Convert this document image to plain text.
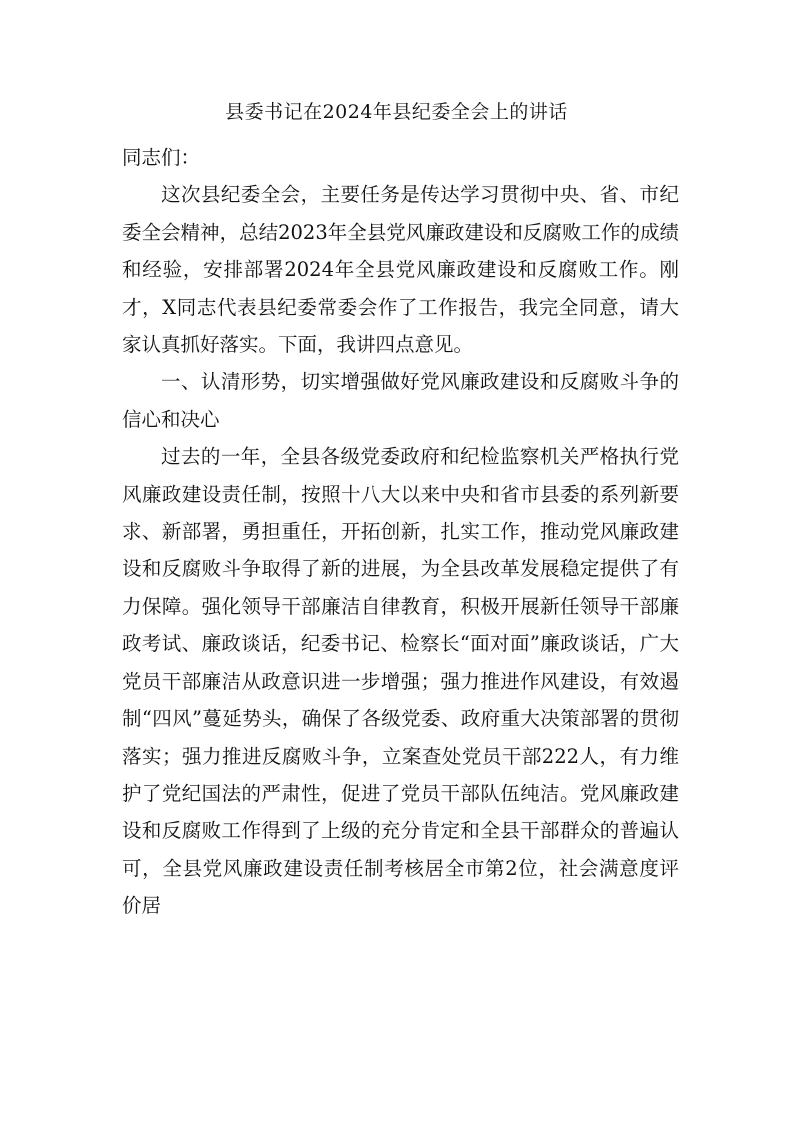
县委书记在2024年县纪委全会上的讲话

同志们：

这次县纪委全会，主要任务是传达学习贯彻中央、省、市纪委全会精神，总结2023年全县党风廉政建设和反腐败工作的成绩和经验，安排部署2024年全县党风廉政建设和反腐败工作。刚才，X同志代表县纪委常委会作了工作报告，我完全同意，请大家认真抓好落实。下面，我讲四点意见。

一、认清形势，切实增强做好党风廉政建设和反腐败斗争的信心和决心

过去的一年，全县各级党委政府和纪检监察机关严格执行党风廉政建设责任制，按照十八大以来中央和省市县委的系列新要求、新部署，勇担重任，开拓创新，扎实工作，推动党风廉政建设和反腐败斗争取得了新的进展，为全县改革发展稳定提供了有力保障。强化领导干部廉洁自律教育，积极开展新任领导干部廉政考试、廉政谈话，纪委书记、检察长“面对面”廉政谈话，广大党员干部廉洁从政意识进一步增强；强力推进作风建设，有效遏制“四风”蔓延势头，确保了各级党委、政府重大决策部署的贯彻落实；强力推进反腐败斗争，立案查处党员干部222人，有力维护了党纪国法的严肃性，促进了党员干部队伍纯洁。党风廉政建设和反腐败工作得到了上级的充分肯定和全县干部群众的普遍认可，全县党风廉政建设责任制考核居全市第2位，社会满意度评价居
